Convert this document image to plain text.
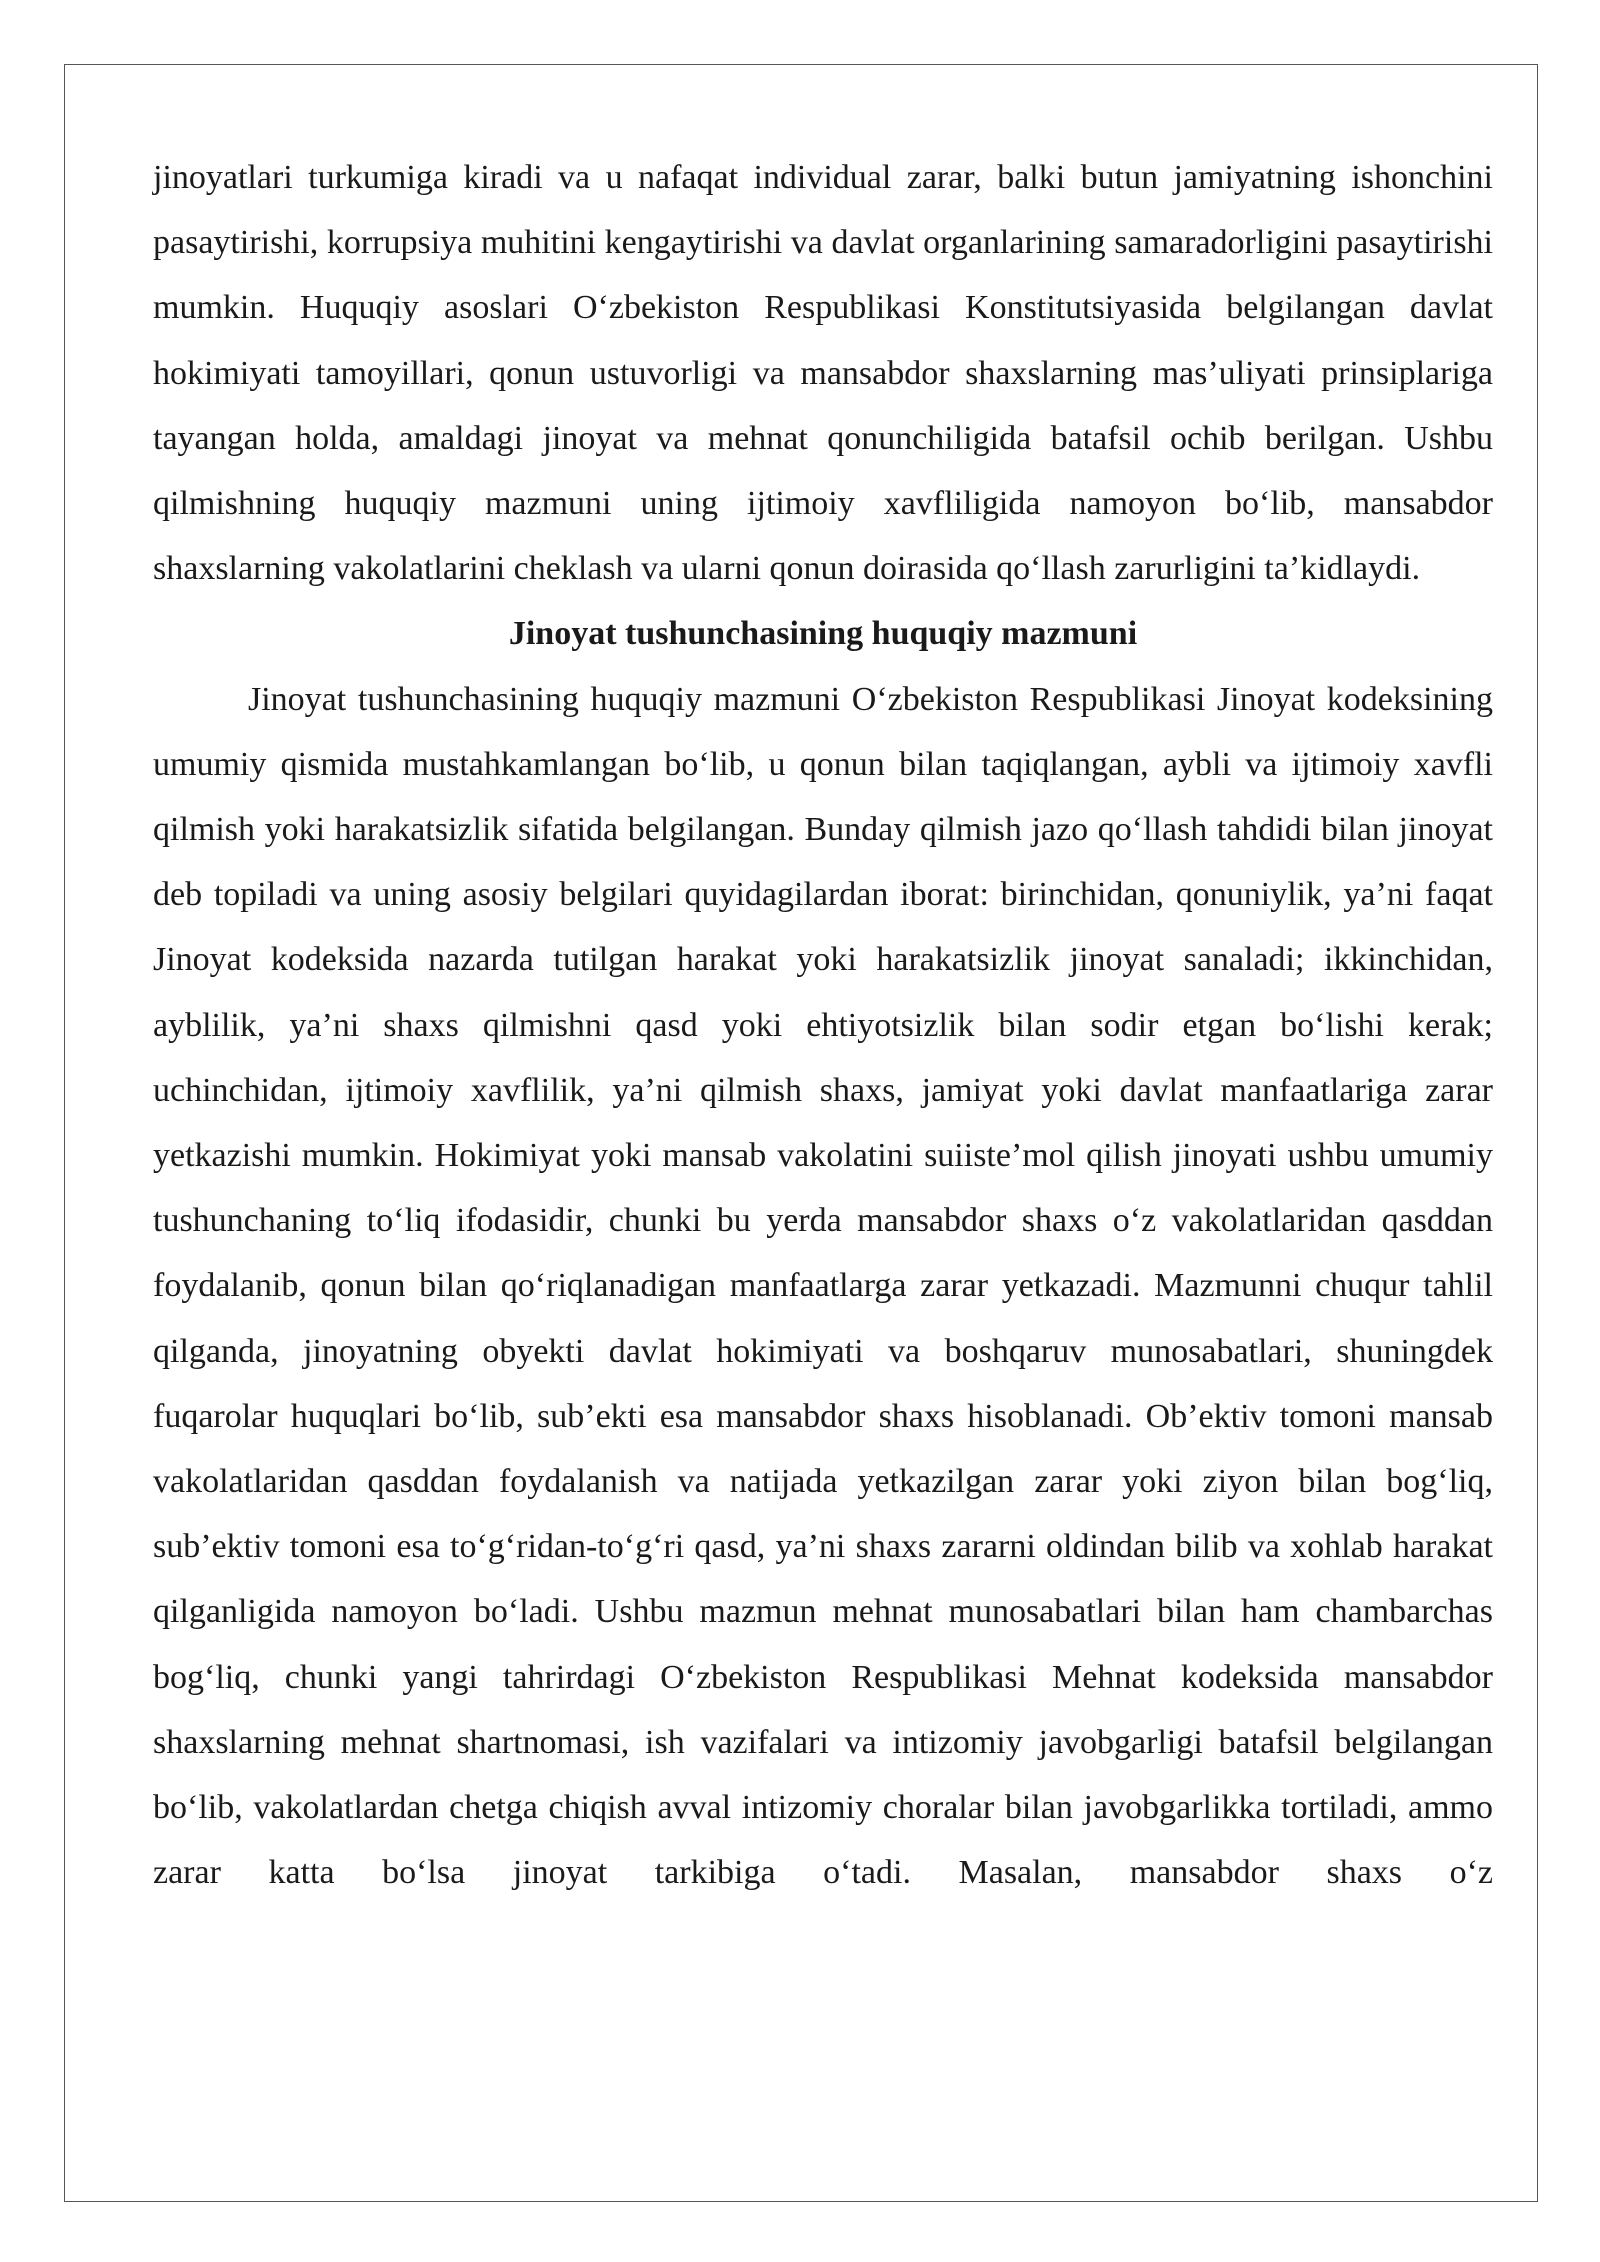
jinoyatlari turkumiga kiradi va u nafaqat individual zarar, balki butun jamiyatning ishonchini pasaytirishi, korrupsiya muhitini kengaytirishi va davlat organlarining samaradorligini pasaytirishi mumkin. Huquqiy asoslari O‘zbekiston Respublikasi Konstitutsiyasida belgilangan davlat hokimiyati tamoyillari, qonun ustuvorligi va mansabdor shaxslarning mas’uliyati prinsiplariga tayangan holda, amaldagi jinoyat va mehnat qonunchiligida batafsil ochib berilgan. Ushbu qilmishning huquqiy mazmuni uning ijtimoiy xavfliligida namoyon bo‘lib, mansabdor shaxslarning vakolatlarini cheklash va ularni qonun doirasida qo‘llash zarurligini ta’kidlaydi.

Jinoyat tushunchasining huquqiy mazmuni

Jinoyat tushunchasining huquqiy mazmuni O‘zbekiston Respublikasi Jinoyat kodeksining umumiy qismida mustahkamlangan bo‘lib, u qonun bilan taqiqlangan, aybli va ijtimoiy xavfli qilmish yoki harakatsizlik sifatida belgilangan. Bunday qilmish jazo qo‘llash tahdidi bilan jinoyat deb topiladi va uning asosiy belgilari quyidagilardan iborat: birinchidan, qonuniylik, ya’ni faqat Jinoyat kodeksida nazarda tutilgan harakat yoki harakatsizlik jinoyat sanaladi; ikkinchidan, ayblilik, ya’ni shaxs qilmishni qasd yoki ehtiyotsizlik bilan sodir etgan bo‘lishi kerak; uchinchidan, ijtimoiy xavflilik, ya’ni qilmish shaxs, jamiyat yoki davlat manfaatlariga zarar yetkazishi mumkin. Hokimiyat yoki mansab vakolatini suiiste’mol qilish jinoyati ushbu umumiy tushunchaning to‘liq ifodasidir, chunki bu yerda mansabdor shaxs o‘z vakolatlaridan qasddan foydalanib, qonun bilan qo‘riqlanadigan manfaatlarga zarar yetkazadi. Mazmunni chuqur tahlil qilganda, jinoyatning obyekti davlat hokimiyati va boshqaruv munosabatlari, shuningdek fuqarolar huquqlari bo‘lib, sub’ekti esa mansabdor shaxs hisoblanadi. Ob’ektiv tomoni mansab vakolatlaridan qasddan foydalanish va natijada yetkazilgan zarar yoki ziyon bilan bog‘liq, sub’ektiv tomoni esa to‘g‘ridan-to‘g‘ri qasd, ya’ni shaxs zararni oldindan bilib va xohlab harakat qilganligida namoyon bo‘ladi. Ushbu mazmun mehnat munosabatlari bilan ham chambarchas bog‘liq, chunki yangi tahrirdagi O‘zbekiston Respublikasi Mehnat kodeksida mansabdor shaxslarning mehnat shartnomasi, ish vazifalari va intizomiy javobgarligi batafsil belgilangan bo‘lib, vakolatlardan chetga chiqish avval intizomiy choralar bilan javobgarlikka tortiladi, ammo zarar katta bo‘lsa jinoyat tarkibiga o‘tadi. Masalan, mansabdor shaxs o‘z
